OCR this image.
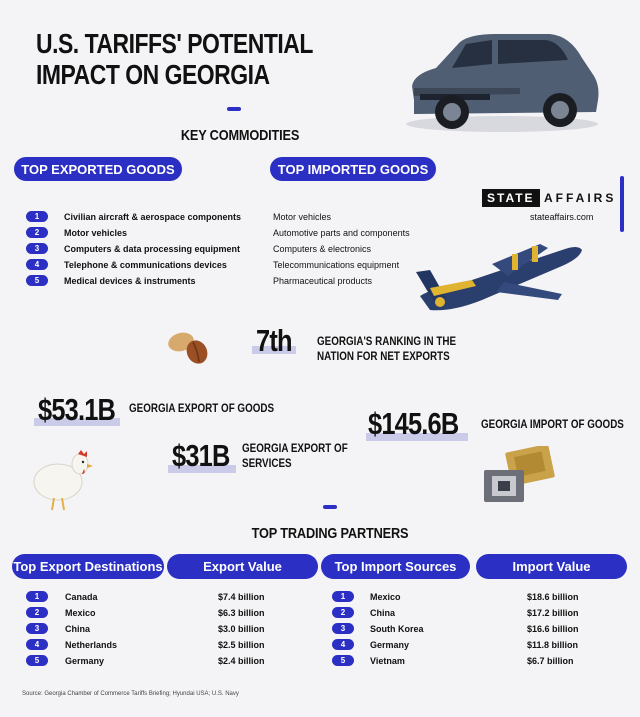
U.S. TARIFFS' POTENTIAL
IMPACT ON GEORGIA
KEY COMMODITIES
TOP EXPORTED GOODS	TOP IMPORTED GOODS
STATE AFFAIRS
stateaffairs.com
1	Civilian aircraft & aerospace components
2	Motor vehicles
3	Computers & data processing equipment
4	Telephone & communications devices
5	Medical devices & instruments
Motor vehicles
Automotive parts and components
Computers & electronics
Telecommunications equipment
Pharmaceutical products
7th GEORGIA'S RANKING IN THE
NATION FOR NET EXPORTS
$53.1B GEORGIA EXPORT OF GOODS	$145.6B GEORGIA IMPORT OF GOODS
$31B GEORGIA EXPORT OF
SERVICES
TOP TRADING PARTNERS
Top Export Destinations	Export Value	Top Import Sources	Import Value
1	Canada	$7.4 billion	1	Mexico	$18.6 billion
2	Mexico	$6.3 billion	2	China	$17.2 billion
3	China	$3.0 billion	3	South Korea	$16.6 billion
4	Netherlands	$2.5 billion	4	Germany	$11.8 billion
5	Germany	$2.4 billion	5	Vietnam	$6.7 billion
Source: Georgia Chamber of Commerce Tariffs Briefing; Hyundai USA; U.S. Navy
